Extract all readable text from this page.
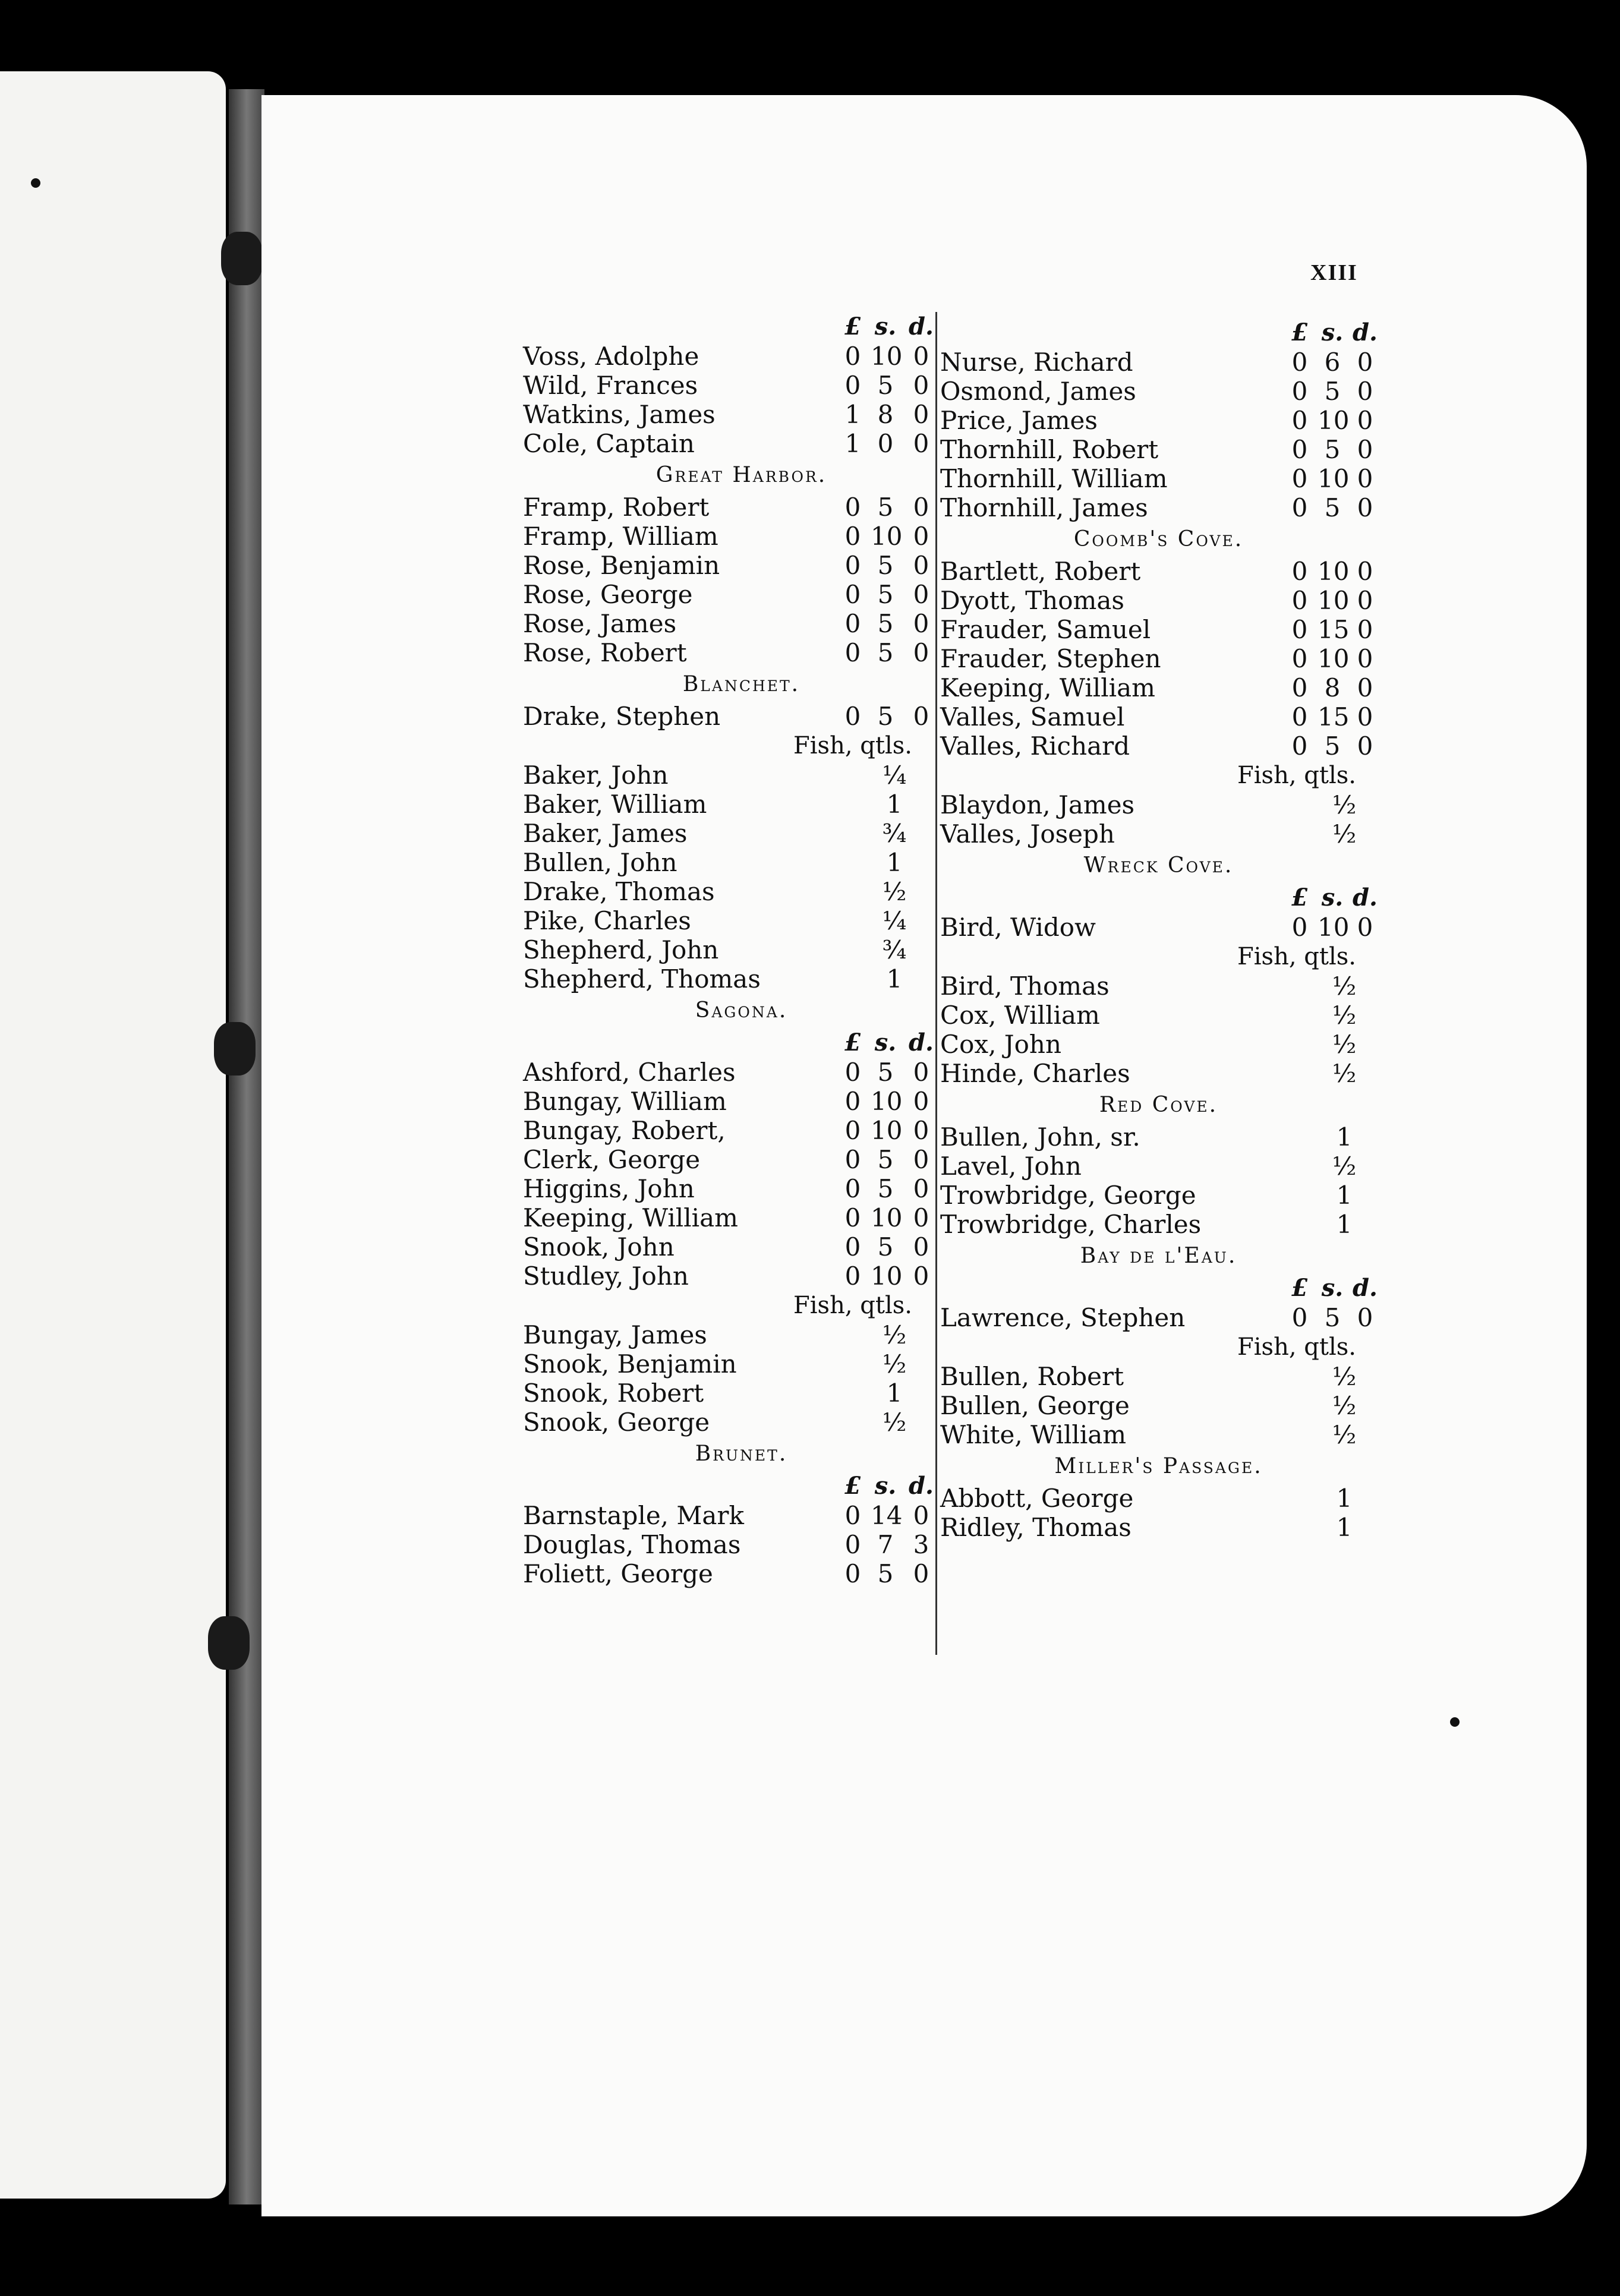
XIII
£ s. d.
Voss, Adolphe	0 10 0
Wild, Frances	0 5 0
Watkins, James	1 8 0
Cole, Captain	1 0 0
Great Harbor.
Framp, Robert	0 5 0
Framp, William	0 10 0
Rose, Benjamin	0 5 0
Rose, George	0 5 0
Rose, James	0 5 0
Rose, Robert	0 5 0
Blanchet.
Drake, Stephen	0 5 0
Fish, qtls.
Baker, John	¼
Baker, William	1
Baker, James	¾
Bullen, John	1
Drake, Thomas	½
Pike, Charles	¼
Shepherd, John	¾
Shepherd, Thomas	1
Sagona.
£ s. d.
Ashford, Charles	0 5 0
Bungay, William	0 10 0
Bungay, Robert,	0 10 0
Clerk, George	0 5 0
Higgins, John	0 5 0
Keeping, William	0 10 0
Snook, John	0 5 0
Studley, John	0 10 0
Fish, qtls.
Bungay, James	½
Snook, Benjamin	½
Snook, Robert	1
Snook, George	½
Brunet.
£ s. d.
Barnstaple, Mark	0 14 0
Douglas, Thomas	0 7 3
Foliett, George	0 5 0
£ s. d.
Nurse, Richard	0 6 0
Osmond, James	0 5 0
Price, James	0 10 0
Thornhill, Robert	0 5 0
Thornhill, William	0 10 0
Thornhill, James	0 5 0
Coomb's Cove.
Bartlett, Robert	0 10 0
Dyott, Thomas	0 10 0
Frauder, Samuel	0 15 0
Frauder, Stephen	0 10 0
Keeping, William	0 8 0
Valles, Samuel	0 15 0
Valles, Richard	0 5 0
Fish, qtls.
Blaydon, James	½
Valles, Joseph	½
Wreck Cove.
£ s. d.
Bird, Widow	0 10 0
Fish, qtls.
Bird, Thomas	½
Cox, William	½
Cox, John	½
Hinde, Charles	½
Red Cove.
Bullen, John, sr.	1
Lavel, John	½
Trowbridge, George	1
Trowbridge, Charles	1
Bay de l'Eau.
£ s. d.
Lawrence, Stephen	0 5 0
Fish, qtls.
Bullen, Robert	½
Bullen, George	½
White, William	½
Miller's Passage.
Abbott, George	1
Ridley, Thomas	1
